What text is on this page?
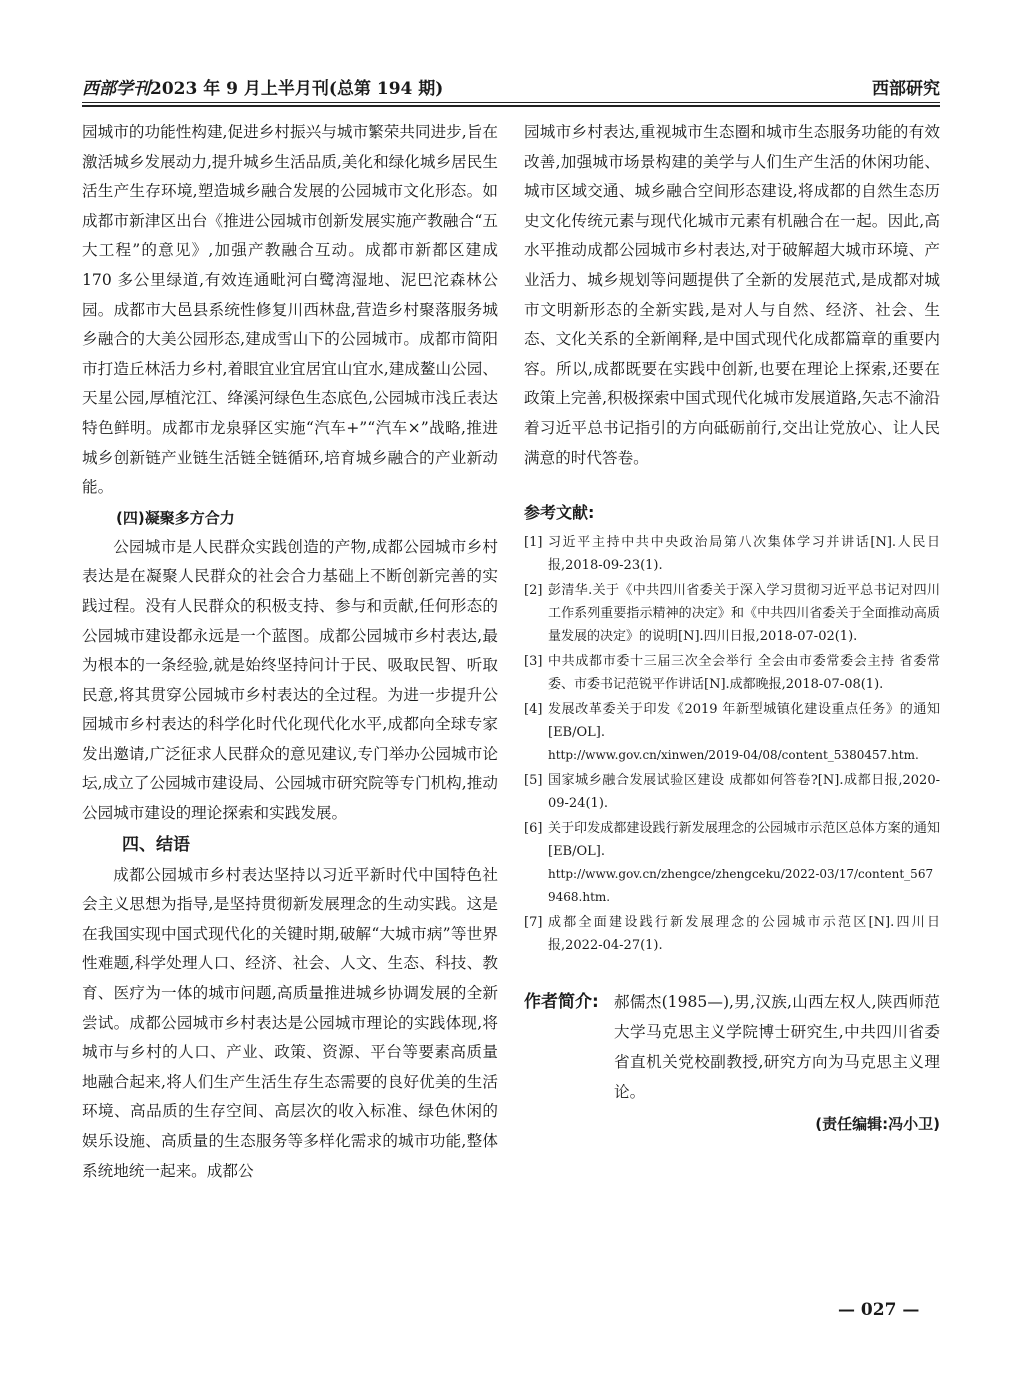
西部学刊2023 年 9 月上半月刊(总第 194 期)	西部研究

园城市的功能性构建,促进乡村振兴与城市繁荣共同进步,旨在激活城乡发展动力,提升城乡生活品质,美化和绿化城乡居民生活生产生存环境,塑造城乡融合发展的公园城市文化形态。如成都市新津区出台《推进公园城市创新发展实施产教融合“五大工程”的意见》,加强产教融合互动。成都市新都区建成 170 多公里绿道,有效连通毗河白鹭湾湿地、泥巴沱森林公园。成都市大邑县系统性修复川西林盘,营造乡村聚落服务城乡融合的大美公园形态,建成雪山下的公园城市。成都市简阳市打造丘林活力乡村,着眼宜业宜居宜山宜水,建成鳌山公园、天星公园,厚植沱江、绛溪河绿色生态底色,公园城市浅丘表达特色鲜明。成都市龙泉驿区实施“汽车+”“汽车×”战略,推进城乡创新链产业链生活链全链循环,培育城乡融合的产业新动能。

(四)凝聚多方合力

公园城市是人民群众实践创造的产物,成都公园城市乡村表达是在凝聚人民群众的社会合力基础上不断创新完善的实践过程。没有人民群众的积极支持、参与和贡献,任何形态的公园城市建设都永远是一个蓝图。成都公园城市乡村表达,最为根本的一条经验,就是始终坚持问计于民、吸取民智、听取民意,将其贯穿公园城市乡村表达的全过程。为进一步提升公园城市乡村表达的科学化时代化现代化水平,成都向全球专家发出邀请,广泛征求人民群众的意见建议,专门举办公园城市论坛,成立了公园城市建设局、公园城市研究院等专门机构,推动公园城市建设的理论探索和实践发展。

四、结语

成都公园城市乡村表达坚持以习近平新时代中国特色社会主义思想为指导,是坚持贯彻新发展理念的生动实践。这是在我国实现中国式现代化的关键时期,破解“大城市病”等世界性难题,科学处理人口、经济、社会、人文、生态、科技、教育、医疗为一体的城市问题,高质量推进城乡协调发展的全新尝试。成都公园城市乡村表达是公园城市理论的实践体现,将城市与乡村的人口、产业、政策、资源、平台等要素高质量地融合起来,将人们生产生活生存生态需要的良好优美的生活环境、高品质的生存空间、高层次的收入标准、绿色休闲的娱乐设施、高质量的生态服务等多样化需求的城市功能,整体系统地统一起来。成都公

园城市乡村表达,重视城市生态圈和城市生态服务功能的有效改善,加强城市场景构建的美学与人们生产生活的休闲功能、城市区域交通、城乡融合空间形态建设,将成都的自然生态历史文化传统元素与现代化城市元素有机融合在一起。因此,高水平推动成都公园城市乡村表达,对于破解超大城市环境、产业活力、城乡规划等问题提供了全新的发展范式,是成都对城市文明新形态的全新实践,是对人与自然、经济、社会、生态、文化关系的全新阐释,是中国式现代化成都篇章的重要内容。所以,成都既要在实践中创新,也要在理论上探索,还要在政策上完善,积极探索中国式现代化城市发展道路,矢志不渝沿着习近平总书记指引的方向砥砺前行,交出让党放心、让人民满意的时代答卷。

参考文献:
[1] 习近平主持中共中央政治局第八次集体学习并讲话[N].人民日报,2018-09-23(1).
[2] 彭清华.关于《中共四川省委关于深入学习贯彻习近平总书记对四川工作系列重要指示精神的决定》和《中共四川省委关于全面推动高质量发展的决定》的说明[N].四川日报,2018-07-02(1).
[3] 中共成都市委十三届三次全会举行 全会由市委常委会主持 省委常委、市委书记范锐平作讲话[N].成都晚报,2018-07-08(1).
[4] 发展改革委关于印发《2019 年新型城镇化建设重点任务》的通知[EB/OL].
http://www.gov.cn/xinwen/2019-04/08/content_5380457.htm.
[5] 国家城乡融合发展试验区建设 成都如何答卷?[N].成都日报,2020-09-24(1).
[6] 关于印发成都建设践行新发展理念的公园城市示范区总体方案的通知[EB/OL].
http://www.gov.cn/zhengce/zhengceku/2022-03/17/content_5679468.htm.
[7] 成都全面建设践行新发展理念的公园城市示范区[N].四川日报,2022-04-27(1).
作者简介: 郝儒杰(1985—),男,汉族,山西左权人,陕西师范大学马克思主义学院博士研究生,中共四川省委省直机关党校副教授,研究方向为马克思主义理论。
(责任编辑:冯小卫)
— 027 —
